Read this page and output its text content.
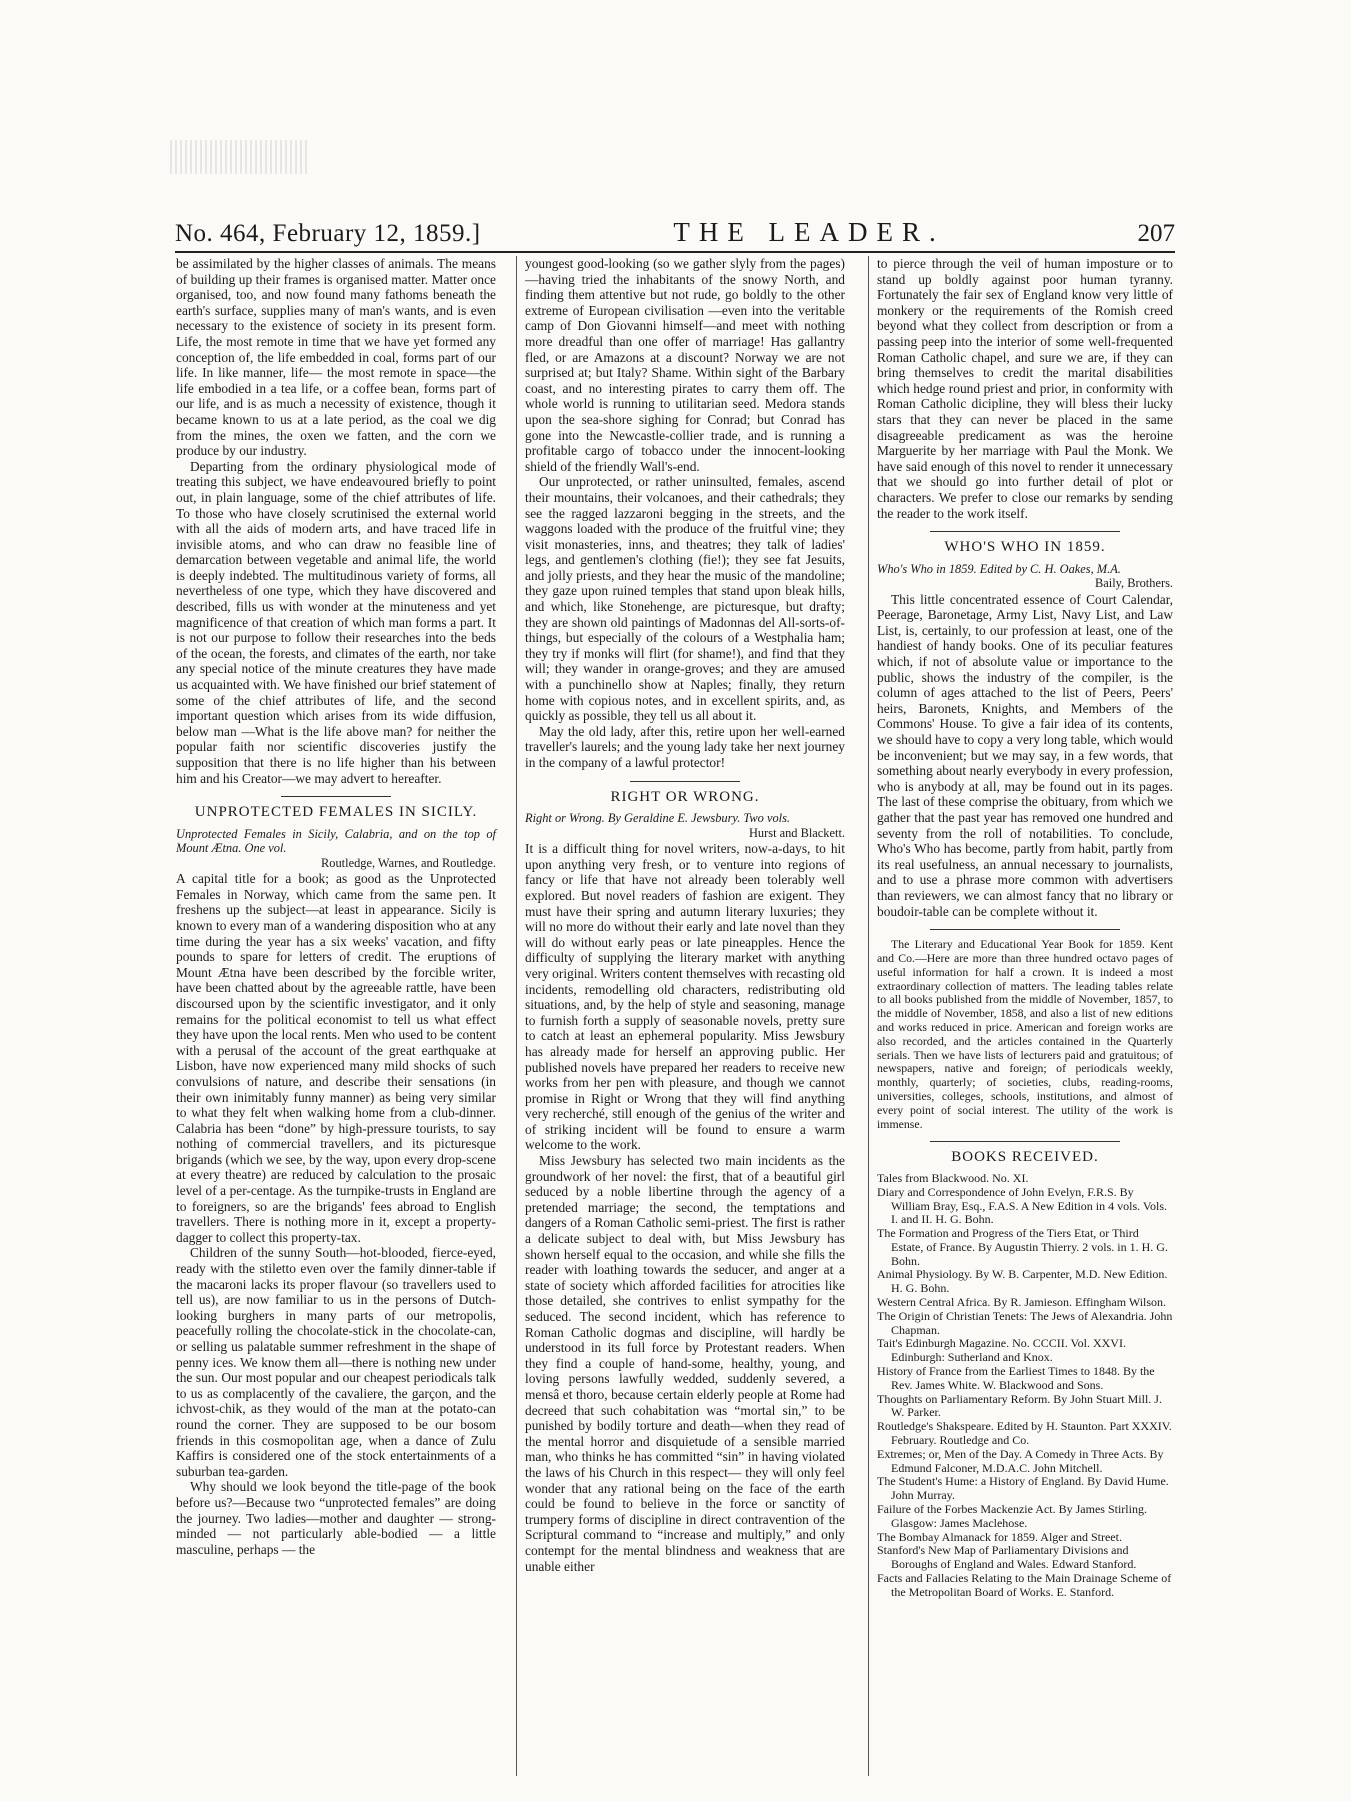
No. 464, February 12, 1859.]	THE LEADER.	207

be assimilated by the higher classes of animals. The means of building up their frames is organised matter. Matter once organised, too, and now found many fathoms beneath the earth's surface, supplies many of man's wants, and is even necessary to the existence of society in its present form. Life, the most remote in time that we have yet formed any conception of, the life embedded in coal, forms part of our life. In like manner, life— the most remote in space—the life embodied in a tea life, or a coffee bean, forms part of our life, and is as much a necessity of existence, though it became known to us at a late period, as the coal we dig from the mines, the oxen we fatten, and the corn we produce by our industry.

Departing from the ordinary physiological mode of treating this subject, we have endeavoured briefly to point out, in plain language, some of the chief attributes of life. To those who have closely scrutinised the external world with all the aids of modern arts, and have traced life in invisible atoms, and who can draw no feasible line of demarcation between vegetable and animal life, the world is deeply indebted. The multitudinous variety of forms, all nevertheless of one type, which they have discovered and described, fills us with wonder at the minuteness and yet magnificence of that creation of which man forms a part. It is not our purpose to follow their researches into the beds of the ocean, the forests, and climates of the earth, nor take any special notice of the minute creatures they have made us acquainted with. We have finished our brief statement of some of the chief attributes of life, and the second important question which arises from its wide diffusion, below man —What is the life above man? for neither the popular faith nor scientific discoveries justify the supposition that there is no life higher than his between him and his Creator—we may advert to hereafter.

UNPROTECTED FEMALES IN SICILY.

Unprotected Females in Sicily, Calabria, and on the top of Mount Ætna. One vol.

Routledge, Warnes, and Routledge.

A capital title for a book; as good as the Unprotected Females in Norway, which came from the same pen. It freshens up the subject—at least in appearance. Sicily is known to every man of a wandering disposition who at any time during the year has a six weeks' vacation, and fifty pounds to spare for letters of credit. The eruptions of Mount Ætna have been described by the forcible writer, have been chatted about by the agreeable rattle, have been discoursed upon by the scientific investigator, and it only remains for the political economist to tell us what effect they have upon the local rents. Men who used to be content with a perusal of the account of the great earthquake at Lisbon, have now experienced many mild shocks of such convulsions of nature, and describe their sensations (in their own inimitably funny manner) as being very similar to what they felt when walking home from a club-dinner. Calabria has been “done” by high-pressure tourists, to say nothing of commercial travellers, and its picturesque brigands (which we see, by the way, upon every drop-scene at every theatre) are reduced by calculation to the prosaic level of a per-centage. As the turnpike-trusts in England are to foreigners, so are the brigands' fees abroad to English travellers. There is nothing more in it, except a property-dagger to collect this property-tax.

Children of the sunny South—hot-blooded, fierce-eyed, ready with the stiletto even over the family dinner-table if the macaroni lacks its proper flavour (so travellers used to tell us), are now familiar to us in the persons of Dutch-looking burghers in many parts of our metropolis, peacefully rolling the chocolate-stick in the chocolate-can, or selling us palatable summer refreshment in the shape of penny ices. We know them all—there is nothing new under the sun. Our most popular and our cheapest periodicals talk to us as complacently of the cavaliere, the garçon, and the ichvost-chik, as they would of the man at the potato-can round the corner. They are supposed to be our bosom friends in this cosmopolitan age, when a dance of Zulu Kaffirs is considered one of the stock entertainments of a suburban tea-garden.

Why should we look beyond the title-page of the book before us?—Because two “unprotected females” are doing the journey. Two ladies—mother and daughter — strong-minded — not particularly able-bodied — a little masculine, perhaps — the

youngest good-looking (so we gather slyly from the pages)—having tried the inhabitants of the snowy North, and finding them attentive but not rude, go boldly to the other extreme of European civilisation —even into the veritable camp of Don Giovanni himself—and meet with nothing more dreadful than one offer of marriage! Has gallantry fled, or are Amazons at a discount? Norway we are not surprised at; but Italy? Shame. Within sight of the Barbary coast, and no interesting pirates to carry them off. The whole world is running to utilitarian seed. Medora stands upon the sea-shore sighing for Conrad; but Conrad has gone into the Newcastle-collier trade, and is running a profitable cargo of tobacco under the innocent-looking shield of the friendly Wall's-end.

Our unprotected, or rather uninsulted, females, ascend their mountains, their volcanoes, and their cathedrals; they see the ragged lazzaroni begging in the streets, and the waggons loaded with the produce of the fruitful vine; they visit monasteries, inns, and theatres; they talk of ladies' legs, and gentlemen's clothing (fie!); they see fat Jesuits, and jolly priests, and they hear the music of the mandoline; they gaze upon ruined temples that stand upon bleak hills, and which, like Stonehenge, are picturesque, but drafty; they are shown old paintings of Madonnas del All-sorts-of-things, but especially of the colours of a Westphalia ham; they try if monks will flirt (for shame!), and find that they will; they wander in orange-groves; and they are amused with a punchinello show at Naples; finally, they return home with copious notes, and in excellent spirits, and, as quickly as possible, they tell us all about it.

May the old lady, after this, retire upon her well-earned traveller's laurels; and the young lady take her next journey in the company of a lawful protector!

RIGHT OR WRONG.

Right or Wrong. By Geraldine E. Jewsbury. Two vols.

Hurst and Blackett.

It is a difficult thing for novel writers, now-a-days, to hit upon anything very fresh, or to venture into regions of fancy or life that have not already been tolerably well explored. But novel readers of fashion are exigent. They must have their spring and autumn literary luxuries; they will no more do without their early and late novel than they will do without early peas or late pineapples. Hence the difficulty of supplying the literary market with anything very original. Writers content themselves with recasting old incidents, remodelling old characters, redistributing old situations, and, by the help of style and seasoning, manage to furnish forth a supply of seasonable novels, pretty sure to catch at least an ephemeral popularity. Miss Jewsbury has already made for herself an approving public. Her published novels have prepared her readers to receive new works from her pen with pleasure, and though we cannot promise in Right or Wrong that they will find anything very recherché, still enough of the genius of the writer and of striking incident will be found to ensure a warm welcome to the work.

Miss Jewsbury has selected two main incidents as the groundwork of her novel: the first, that of a beautiful girl seduced by a noble libertine through the agency of a pretended marriage; the second, the temptations and dangers of a Roman Catholic semi-priest. The first is rather a delicate subject to deal with, but Miss Jewsbury has shown herself equal to the occasion, and while she fills the reader with loathing towards the seducer, and anger at a state of society which afforded facilities for atrocities like those detailed, she contrives to enlist sympathy for the seduced. The second incident, which has reference to Roman Catholic dogmas and discipline, will hardly be understood in its full force by Protestant readers. When they find a couple of hand-some, healthy, young, and loving persons lawfully wedded, suddenly severed, a mensâ et thoro, because certain elderly people at Rome had decreed that such cohabitation was “mortal sin,” to be punished by bodily torture and death—when they read of the mental horror and disquietude of a sensible married man, who thinks he has committed “sin” in having violated the laws of his Church in this respect— they will only feel wonder that any rational being on the face of the earth could be found to believe in the force or sanctity of trumpery forms of discipline in direct contravention of the Scriptural command to “increase and multiply,” and only contempt for the mental blindness and weakness that are unable either

to pierce through the veil of human imposture or to stand up boldly against poor human tyranny. Fortunately the fair sex of England know very little of monkery or the requirements of the Romish creed beyond what they collect from description or from a passing peep into the interior of some well-frequented Roman Catholic chapel, and sure we are, if they can bring themselves to credit the marital disabilities which hedge round priest and prior, in conformity with Roman Catholic dicipline, they will bless their lucky stars that they can never be placed in the same disagreeable predicament as was the heroine Marguerite by her marriage with Paul the Monk. We have said enough of this novel to render it unnecessary that we should go into further detail of plot or characters. We prefer to close our remarks by sending the reader to the work itself.

WHO'S WHO IN 1859.

Who's Who in 1859. Edited by C. H. Oakes, M.A.

Baily, Brothers.

This little concentrated essence of Court Calendar, Peerage, Baronetage, Army List, Navy List, and Law List, is, certainly, to our profession at least, one of the handiest of handy books. One of its peculiar features which, if not of absolute value or importance to the public, shows the industry of the compiler, is the column of ages attached to the list of Peers, Peers' heirs, Baronets, Knights, and Members of the Commons' House. To give a fair idea of its contents, we should have to copy a very long table, which would be inconvenient; but we may say, in a few words, that something about nearly everybody in every profession, who is anybody at all, may be found out in its pages. The last of these comprise the obituary, from which we gather that the past year has removed one hundred and seventy from the roll of notabilities. To conclude, Who's Who has become, partly from habit, partly from its real usefulness, an annual necessary to journalists, and to use a phrase more common with advertisers than reviewers, we can almost fancy that no library or boudoir-table can be complete without it.

The Literary and Educational Year Book for 1859. Kent and Co.—Here are more than three hundred octavo pages of useful information for half a crown. It is indeed a most extraordinary collection of matters. The leading tables relate to all books published from the middle of November, 1857, to the middle of November, 1858, and also a list of new editions and works reduced in price. American and foreign works are also recorded, and the articles contained in the Quarterly serials. Then we have lists of lecturers paid and gratuitous; of newspapers, native and foreign; of periodicals weekly, monthly, quarterly; of societies, clubs, reading-rooms, universities, colleges, schools, institutions, and almost of every point of social interest. The utility of the work is immense.

BOOKS RECEIVED.

Tales from Blackwood. No. XI.

Diary and Correspondence of John Evelyn, F.R.S. By William Bray, Esq., F.A.S. A New Edition in 4 vols. Vols. I. and II. H. G. Bohn.

The Formation and Progress of the Tiers Etat, or Third Estate, of France. By Augustin Thierry. 2 vols. in 1. H. G. Bohn.

Animal Physiology. By W. B. Carpenter, M.D. New Edition. H. G. Bohn.

Western Central Africa. By R. Jamieson. Effingham Wilson.

The Origin of Christian Tenets: The Jews of Alexandria. John Chapman.

Tait's Edinburgh Magazine. No. CCCII. Vol. XXVI. Edinburgh: Sutherland and Knox.

History of France from the Earliest Times to 1848. By the Rev. James White. W. Blackwood and Sons.

Thoughts on Parliamentary Reform. By John Stuart Mill. J. W. Parker.

Routledge's Shakspeare. Edited by H. Staunton. Part XXXIV. February. Routledge and Co.

Extremes; or, Men of the Day. A Comedy in Three Acts. By Edmund Falconer, M.D.A.C. John Mitchell.

The Student's Hume: a History of England. By David Hume. John Murray.

Failure of the Forbes Mackenzie Act. By James Stirling. Glasgow: James Maclehose.

The Bombay Almanack for 1859. Alger and Street.

Stanford's New Map of Parliamentary Divisions and Boroughs of England and Wales. Edward Stanford.

Facts and Fallacies Relating to the Main Drainage Scheme of the Metropolitan Board of Works. E. Stanford.
